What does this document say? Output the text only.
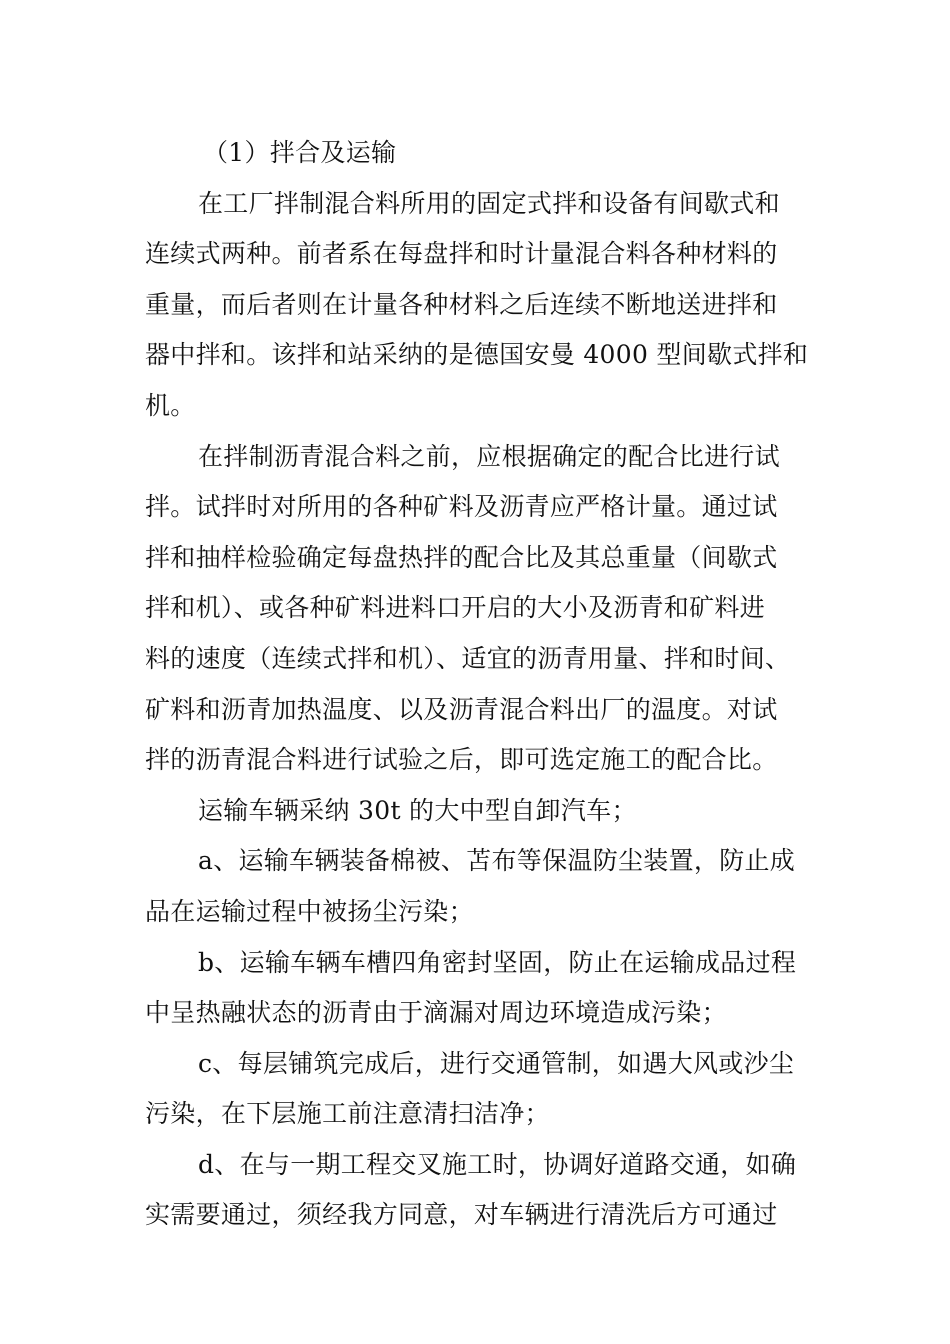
（1）拌合及运输
在工厂拌制混合料所用的固定式拌和设备有间歇式和
连续式两种。前者系在每盘拌和时计量混合料各种材料的
重量，而后者则在计量各种材料之后连续不断地送进拌和
器中拌和。该拌和站采纳的是德国安曼 4000 型间歇式拌和
机。
在拌制沥青混合料之前，应根据确定的配合比进行试
拌。试拌时对所用的各种矿料及沥青应严格计量。通过试
拌和抽样检验确定每盘热拌的配合比及其总重量（间歇式
拌和机）、或各种矿料进料口开启的大小及沥青和矿料进
料的速度（连续式拌和机）、适宜的沥青用量、拌和时间、
矿料和沥青加热温度、以及沥青混合料出厂的温度。对试
拌的沥青混合料进行试验之后，即可选定施工的配合比。
运输车辆采纳 30t 的大中型自卸汽车；
a、运输车辆装备棉被、苫布等保温防尘装置，防止成
品在运输过程中被扬尘污染；
b、运输车辆车槽四角密封坚固，防止在运输成品过程
中呈热融状态的沥青由于滴漏对周边环境造成污染；
c、每层铺筑完成后，进行交通管制，如遇大风或沙尘
污染，在下层施工前注意清扫洁净；
d、在与一期工程交叉施工时，协调好道路交通，如确
实需要通过，须经我方同意，对车辆进行清洗后方可通过
